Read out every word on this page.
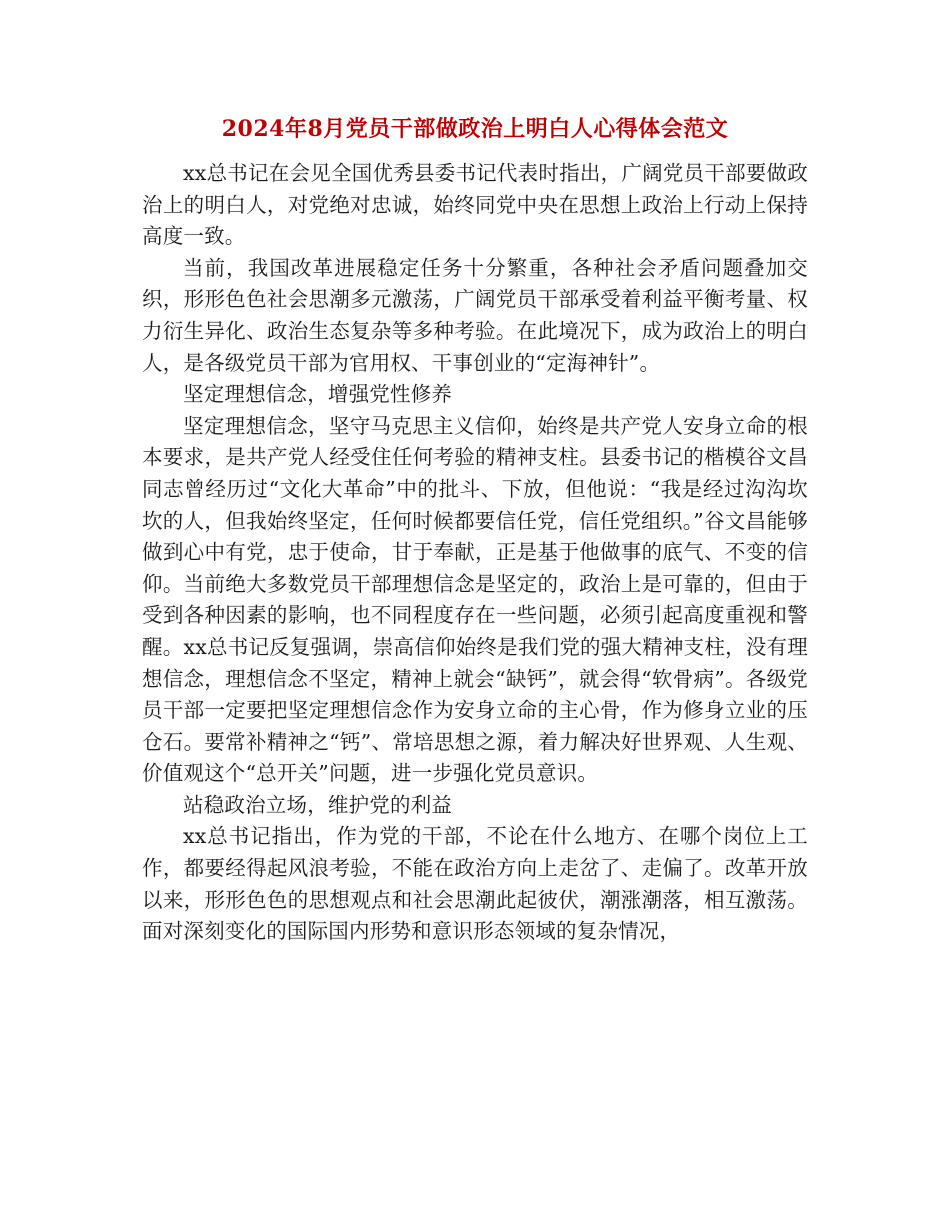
2024年8月党员干部做政治上明白人心得体会范文

xx总书记在会见全国优秀县委书记代表时指出，广阔党员干部要做政治上的明白人，对党绝对忠诚，始终同党中央在思想上政治上行动上保持高度一致。

当前，我国改革进展稳定任务十分繁重，各种社会矛盾问题叠加交织，形形色色社会思潮多元激荡，广阔党员干部承受着利益平衡考量、权力衍生异化、政治生态复杂等多种考验。在此境况下，成为政治上的明白人，是各级党员干部为官用权、干事创业的“定海神针”。

坚定理想信念，增强党性修养

坚定理想信念，坚守马克思主义信仰，始终是共产党人安身立命的根本要求，是共产党人经受住任何考验的精神支柱。县委书记的楷模谷文昌同志曾经历过“文化大革命”中的批斗、下放，但他说：“我是经过沟沟坎坎的人，但我始终坚定，任何时候都要信任党，信任党组织。”谷文昌能够做到心中有党，忠于使命，甘于奉献，正是基于他做事的底气、不变的信仰。当前绝大多数党员干部理想信念是坚定的，政治上是可靠的，但由于受到各种因素的影响，也不同程度存在一些问题，必须引起高度重视和警醒。xx总书记反复强调，崇高信仰始终是我们党的强大精神支柱，没有理想信念，理想信念不坚定，精神上就会“缺钙”，就会得“软骨病”。各级党员干部一定要把坚定理想信念作为安身立命的主心骨，作为修身立业的压仓石。要常补精神之“钙”、常培思想之源，着力解决好世界观、人生观、价值观这个“总开关”问题，进一步强化党员意识。

站稳政治立场，维护党的利益

xx总书记指出，作为党的干部，不论在什么地方、在哪个岗位上工作，都要经得起风浪考验，不能在政治方向上走岔了、走偏了。改革开放以来，形形色色的思想观点和社会思潮此起彼伏，潮涨潮落，相互激荡。面对深刻变化的国际国内形势和意识形态领域的复杂情况，
